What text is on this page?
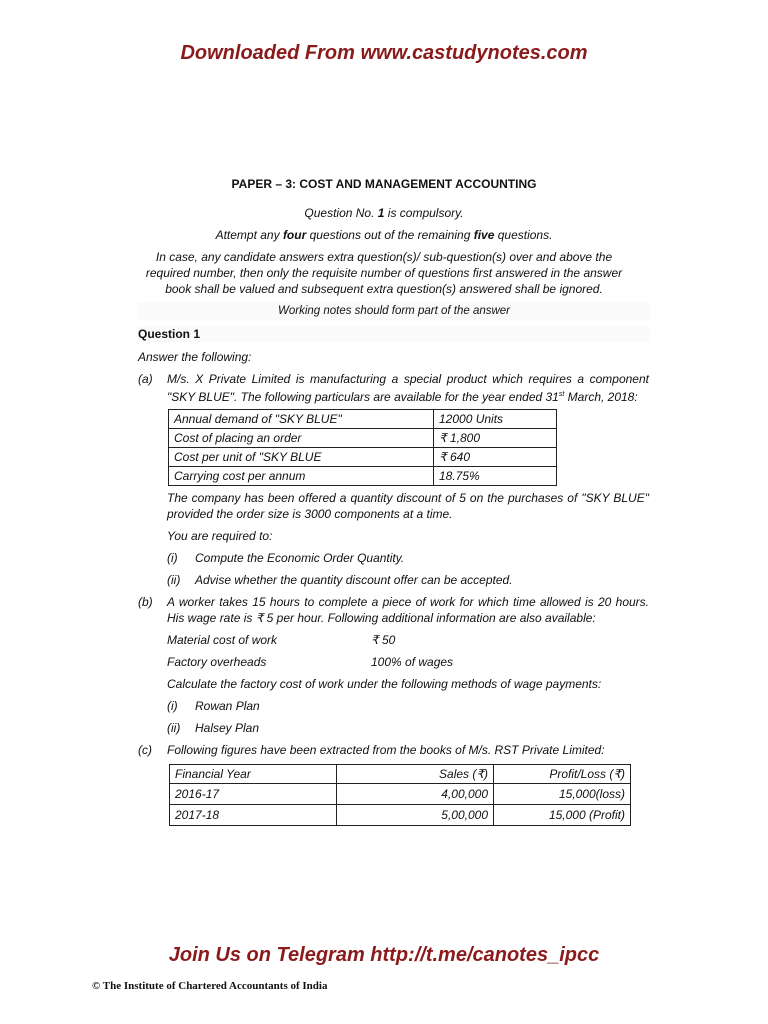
Downloaded From www.castudynotes.com
PAPER – 3: COST AND MANAGEMENT ACCOUNTING
Question No. 1 is compulsory.
Attempt any four questions out of the remaining five questions.
In case, any candidate answers extra question(s)/ sub-question(s) over and above the
required number, then only the requisite number of questions first answered in the answer
book shall be valued and subsequent extra question(s) answered shall be ignored.
Working notes should form part of the answer
Question 1
Answer the following:
(a) M/s. X Private Limited is manufacturing a special product which requires a component
"SKY BLUE". The following particulars are available for the year ended 31st March, 2018:
Annual demand of "SKY BLUE"	12000 Units
Cost of placing an order	₹ 1,800
Cost per unit of "SKY BLUE	₹ 640
Carrying cost per annum	18.75%
The company has been offered a quantity discount of 5 on the purchases of "SKY BLUE"
provided the order size is 3000 components at a time.
You are required to:
(i) Compute the Economic Order Quantity.
(ii) Advise whether the quantity discount offer can be accepted.
(b) A worker takes 15 hours to complete a piece of work for which time allowed is 20 hours.
His wage rate is ₹ 5 per hour. Following additional information are also available:
Material cost of work	₹ 50
Factory overheads	100% of wages
Calculate the factory cost of work under the following methods of wage payments:
(i) Rowan Plan
(ii) Halsey Plan
(c) Following figures have been extracted from the books of M/s. RST Private Limited:
Financial Year	Sales (₹)	Profit/Loss (₹)
2016-17	4,00,000	15,000(loss)
2017-18	5,00,000	15,000 (Profit)
Join Us on Telegram http://t.me/canotes_ipcc
© The Institute of Chartered Accountants of India
